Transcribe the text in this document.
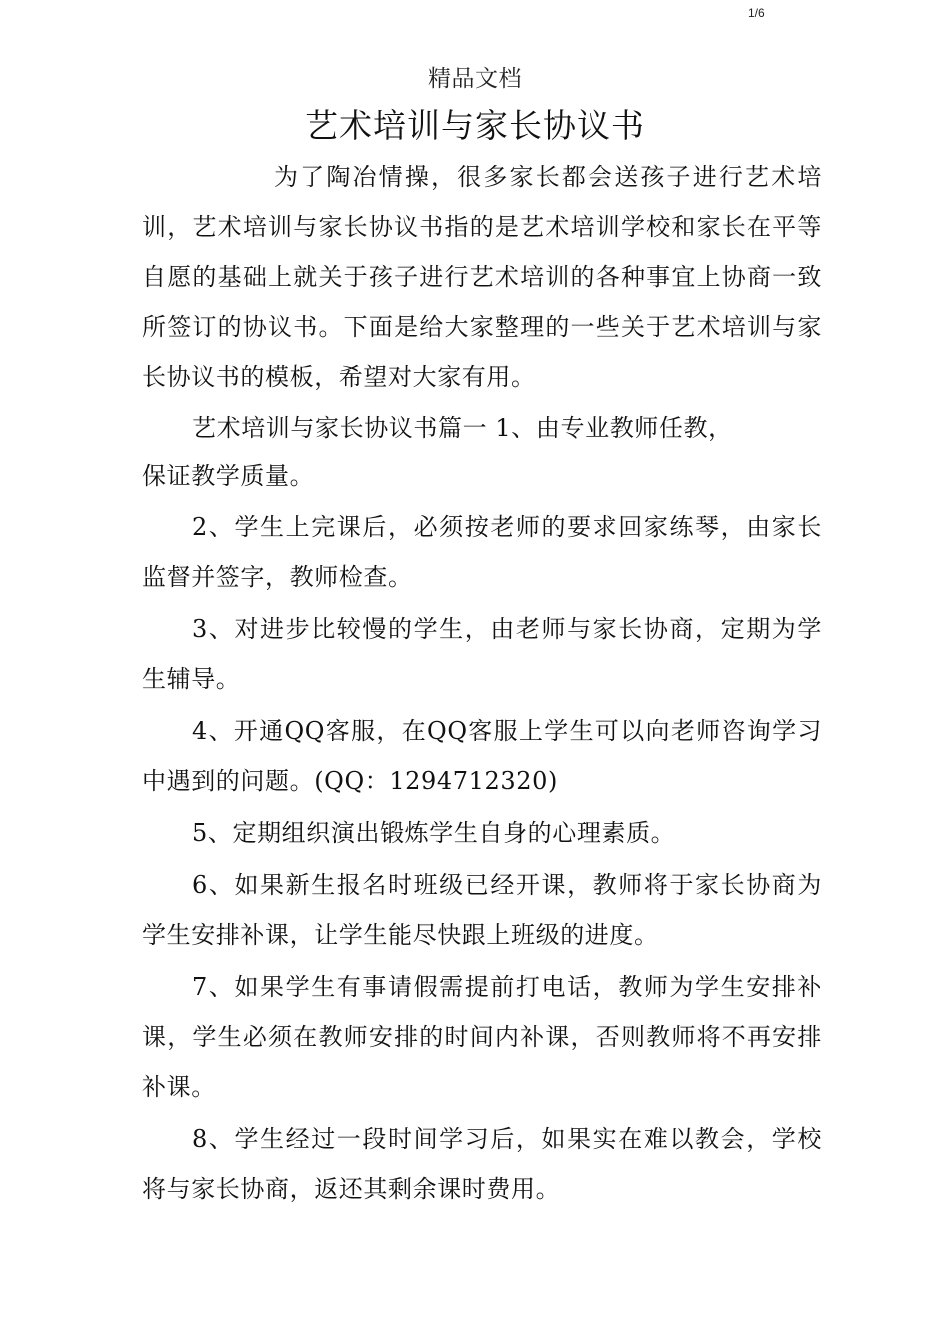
1/6
精品文档
艺术培训与家长协议书

为了陶冶情操，很多家长都会送孩子进行艺术培训，艺术培训与家长协议书指的是艺术培训学校和家长在平等自愿的基础上就关于孩子进行艺术培训的各种事宜上协商一致所签订的协议书。下面是给大家整理的一些关于艺术培训与家长协议书的模板，希望对大家有用。

艺术培训与家长协议书篇一 1、由专业教师任教，

保证教学质量。

2、学生上完课后，必须按老师的要求回家练琴，由家长监督并签字，教师检查。

3、对进步比较慢的学生，由老师与家长协商，定期为学生辅导。

4、开通QQ客服，在QQ客服上学生可以向老师咨询学习中遇到的问题。(QQ：1294712320)

5、定期组织演出锻炼学生自身的心理素质。

6、如果新生报名时班级已经开课，教师将于家长协商为学生安排补课，让学生能尽快跟上班级的进度。

7、如果学生有事请假需提前打电话，教师为学生安排补课，学生必须在教师安排的时间内补课，否则教师将不再安排补课。

8、学生经过一段时间学习后，如果实在难以教会，学校将与家长协商，返还其剩余课时费用。
